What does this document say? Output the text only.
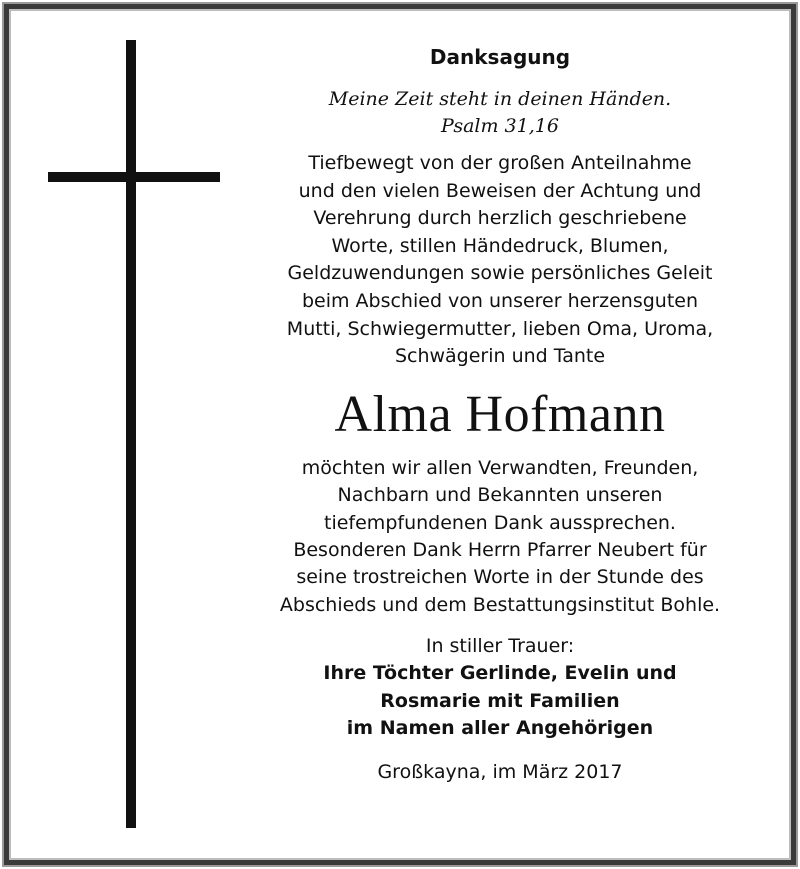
Danksagung
Meine Zeit steht in deinen Händen.
Psalm 31,16
Tiefbewegt von der großen Anteilnahme
und den vielen Beweisen der Achtung und
Verehrung durch herzlich geschriebene
Worte, stillen Händedruck, Blumen,
Geldzuwendungen sowie persönliches Geleit
beim Abschied von unserer herzensguten
Mutti, Schwiegermutter, lieben Oma, Uroma,
Schwägerin und Tante
Alma Hofmann
möchten wir allen Verwandten, Freunden,
Nachbarn und Bekannten unseren
tiefempfundenen Dank aussprechen.
Besonderen Dank Herrn Pfarrer Neubert für
seine trostreichen Worte in der Stunde des
Abschieds und dem Bestattungsinstitut Bohle.
In stiller Trauer:
Ihre Töchter Gerlinde, Evelin und
Rosmarie mit Familien
im Namen aller Angehörigen
Großkayna, im März 2017
